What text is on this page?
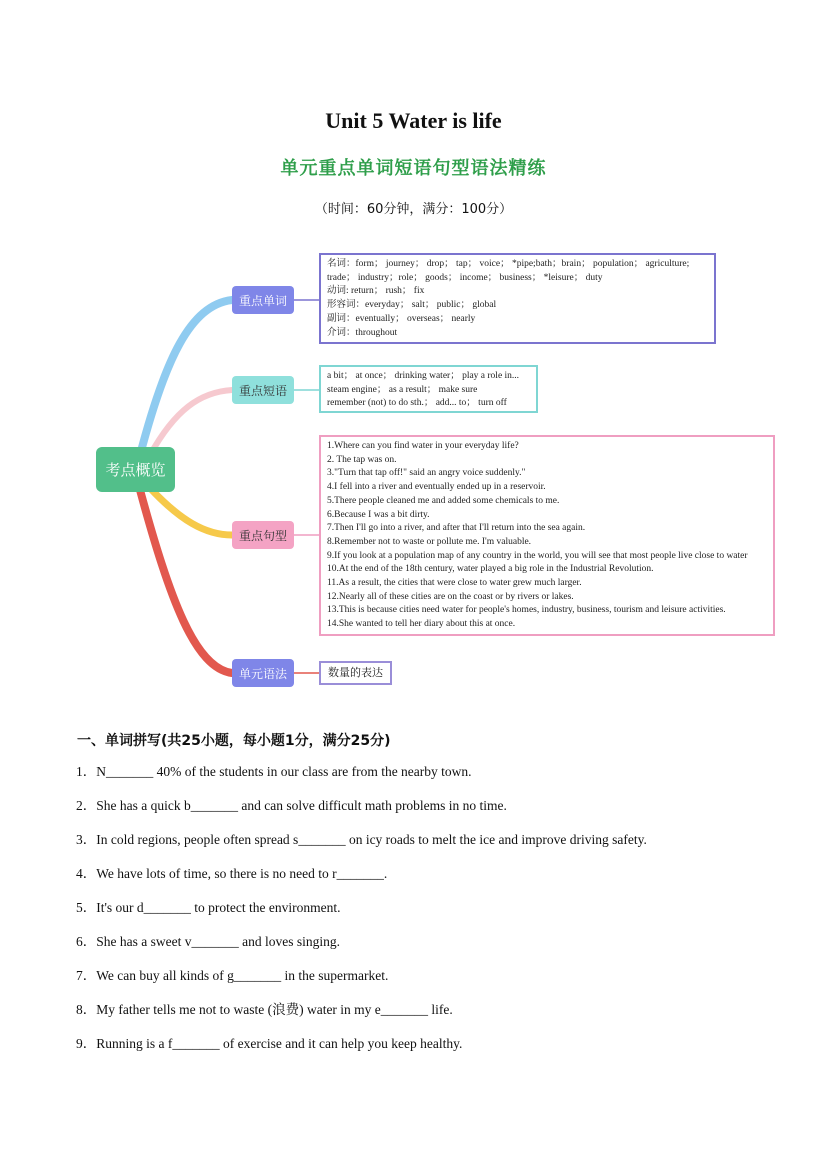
Unit 5 Water is life
单元重点单词短语句型语法精练
（时间：60分钟，满分：100分）
考点概览
重点单词
重点短语
重点句型
单元语法
名词：form； journey； drop； tap； voice； *pipe;bath；brain； population； agriculture;
trade； industry；role； goods； income； business； *leisure； duty
动词: return； rush； fix
形容词：everyday； salt； public； global
副词：eventually； overseas； nearly
介词：throughout
a bit； at once； drinking water； play a role in...
steam engine； as a result； make sure
remember (not) to do sth.； add... to； turn off
1.Where can you find water in your everyday life?
2. The tap was on.
3."Turn that tap off!" said an angry voice suddenly."
4.I fell into a river and eventually ended up in a reservoir.
5.There people cleaned me and added some chemicals to me.
6.Because I was a bit dirty.
7.Then I'll go into a river, and after that I'll return into the sea again.
8.Remember not to waste or pollute me. I'm valuable.
9.If you look at a population map of any country in the world, you will see that most people live close to water
10.At the end of the 18th century, water played a big role in the Industrial Revolution.
11.As a result, the cities that were close to water grew much larger.
12.Nearly all of these cities are on the coast or by rivers or lakes.
13.This is because cities need water for people's homes, industry, business, tourism and leisure activities.
14.She wanted to tell her diary about this at once.
数量的表达
一、单词拼写(共25小题，每小题1分，满分25分)
1．N_______ 40% of the students in our class are from the nearby town.
2．She has a quick b_______ and can solve difficult math problems in no time.
3．In cold regions, people often spread s_______ on icy roads to melt the ice and improve driving safety.
4．We have lots of time, so there is no need to r_______.
5．It's our d_______ to protect the environment.
6．She has a sweet v_______ and loves singing.
7．We can buy all kinds of g_______ in the supermarket.
8．My father tells me not to waste (浪费) water in my e_______ life.
9．Running is a f_______ of exercise and it can help you keep healthy.
